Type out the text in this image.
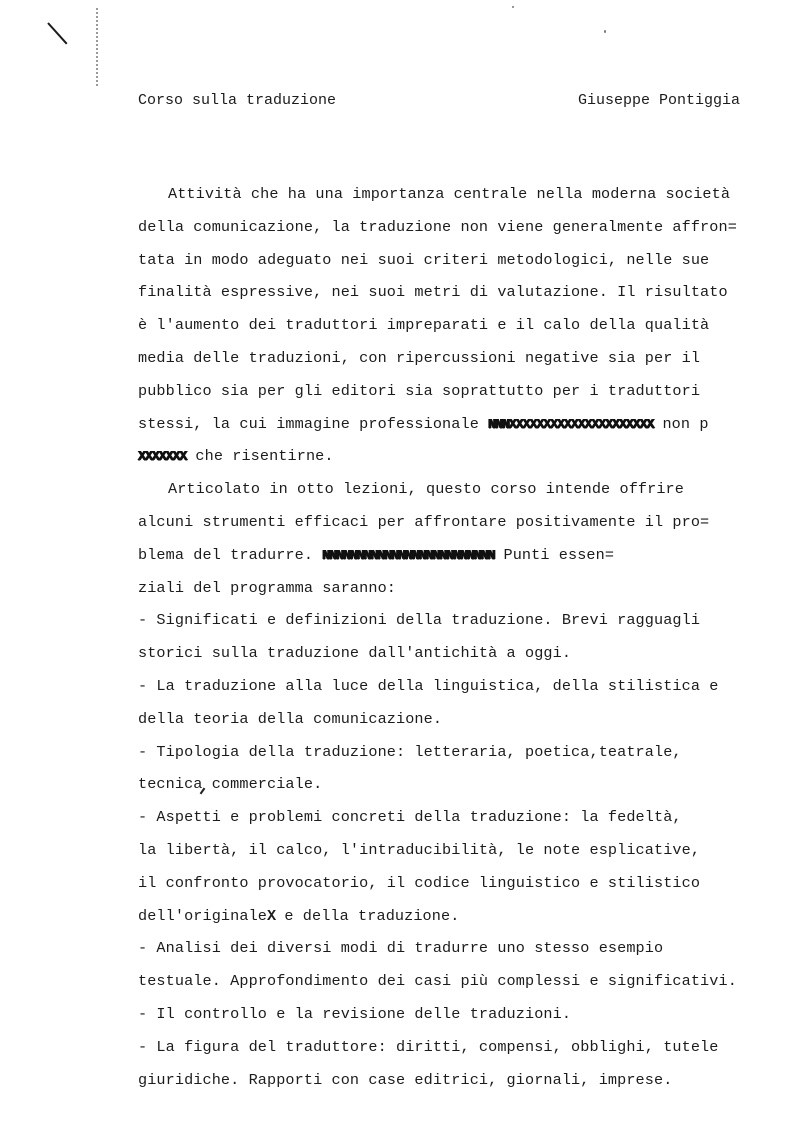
Corso sulla traduzione	Giuseppe Pontiggia
Attività che ha una importanza centrale nella moderna società
della comunicazione, la traduzione non viene generalmente affron=
tata in modo adeguato nei suoi criteri metodologici, nelle sue
finalità espressive, nei suoi metri di valutazione. Il risultato
è l'aumento dei traduttori impreparati e il calo della qualità
media delle traduzioni, con ripercussioni negative sia per il
pubblico sia per gli editori sia soprattutto per i traduttori
stessi, la cui immagine professionale NNNXXXXXXXXXXXXXXXXXXXXX non p
XXXXXXX che risentirne.
Articolato in otto lezioni, questo corso intende offrire
alcuni strumenti efficaci per affrontare positivamente il pro=
blema del tradurre. NNNNNNNNNNNNNNNNNNNNNNNNN Punti essen=
ziali del programma saranno:
- Significati e definizioni della traduzione. Brevi ragguagli
storici sulla traduzione dall'antichità a oggi.
- La traduzione alla luce della linguistica, della stilistica e
della teoria della comunicazione.
- Tipologia della traduzione: letteraria, poetica,teatrale,
tecnica commerciale.
- Aspetti e problemi concreti della traduzione: la fedeltà,
la libertà, il calco, l'intraducibilità, le note esplicative,
il confronto provocatorio, il codice linguistico e stilistico
dell'originaleX e della traduzione.
- Analisi dei diversi modi di tradurre uno stesso esempio
testuale. Approfondimento dei casi più complessi e significativi.
- Il controllo e la revisione delle traduzioni.
- La figura del traduttore: diritti, compensi, obblighi, tutele
giuridiche. Rapporti con case editrici, giornali, imprese.
